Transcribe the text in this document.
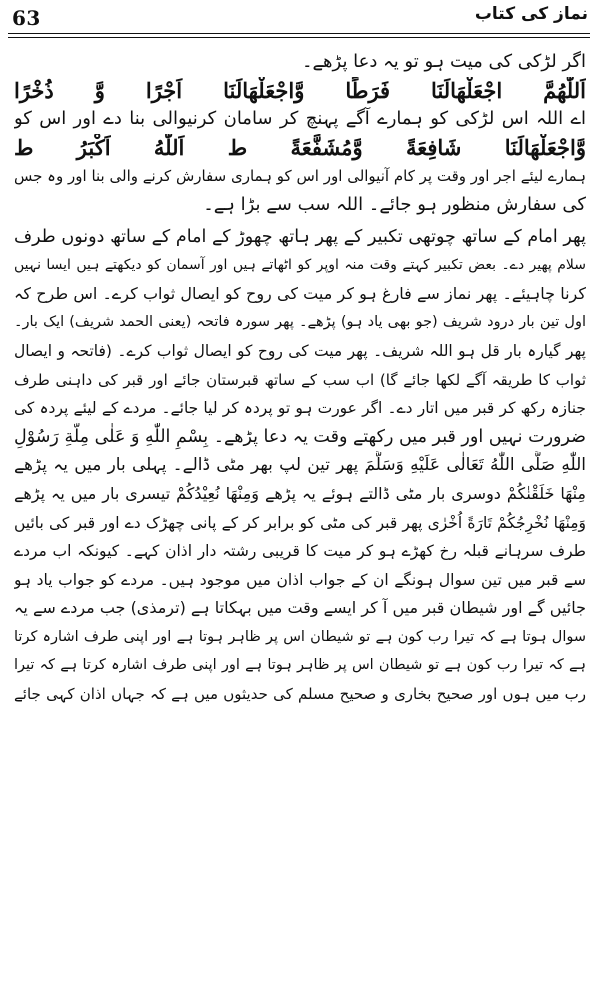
63	نماز کی کتاب
اگر لڑکی کی میت ہو تو یہ دعا پڑھے۔
اَللّٰهُمَّ اجْعَلْهَالَنَا فَرَطًا وَّاجْعَلْهَالَنَا اَجْرًا وَّ ذُخْرًا
اے اللہ اس لڑکی کو ہمارے آگے پہنچ کر سامان کرنیوالی بنا دے اور اس کو
وَّاجْعَلْهَالَنَا شَافِعَةً وَّمُشَفَّعَةً ط اَللّٰهُ اَكْبَرُ ط
ہمارے لیئے اجر اور وقت پر کام آنیوالی اور اس کو ہماری سفارش کرنے والی بنا اور وہ جس
کی سفارش منظور ہو جائے۔ اللہ سب سے بڑا ہے۔
پھر امام کے ساتھ چوتھی تکبیر کے پھر ہاتھ چھوڑ کے امام کے ساتھ دونوں طرف
سلام پھیر دے۔ بعض تکبیر کہتے وقت منہ اوپر کو اٹھاتے ہیں اور آسمان کو دیکھتے ہیں ایسا نہیں
کرنا چاہیئے۔ پھر نماز سے فارغ ہو کر میت کی روح کو ایصال ثواب کرے۔ اس طرح کہ
اول تین بار درود شریف (جو بھی یاد ہو) پڑھے۔ پھر سورہ فاتحہ (یعنی الحمد شریف) ایک بار۔
پھر گیارہ بار قل ہو اللہ شریف۔ پھر میت کی روح کو ایصال ثواب کرے۔ (فاتحہ و ایصال
ثواب کا طریقہ آگے لکھا جائے گا) اب سب کے ساتھ قبرستان جائے اور قبر کی داہنی طرف
جنازہ رکھ کر قبر میں اتار دے۔ اگر عورت ہو تو پردہ کر لیا جائے۔ مردے کے لیئے پردہ کی
ضرورت نہیں اور قبر میں رکھتے وقت یہ دعا پڑھے۔ بِسْمِ اللّٰهِ وَ عَلٰى مِلَّةِ رَسُوْلِ
اللّٰهِ صَلَّى اللّٰهُ تَعَالٰى عَلَيْهِ وَسَلَّمَ پھر تین لپ بھر مٹی ڈالے۔ پہلی بار میں یہ پڑھے
مِنْهَا خَلَقْنٰكُمْ دوسری بار مٹی ڈالتے ہوئے یہ پڑھے وَمِنْهَا نُعِيْدُكُمْ تیسری بار میں یہ پڑھے
وَمِنْهَا نُخْرِجُكُمْ تَارَةً اُخْرٰى پھر قبر کی مٹی کو برابر کر کے پانی چھڑک دے اور قبر کی بائیں
طرف سرہانے قبلہ رخ کھڑے ہو کر میت کا قریبی رشتہ دار اذان کہے۔ کیونکہ اب مردے
سے قبر میں تین سوال ہونگے ان کے جواب اذان میں موجود ہیں۔ مردے کو جواب یاد ہو
جائیں گے اور شیطان قبر میں آ کر ایسے وقت میں بہکاتا ہے (ترمذی) جب مردے سے یہ
سوال ہوتا ہے کہ تیرا رب کون ہے تو شیطان اس پر ظاہر ہوتا ہے اور اپنی طرف اشارہ کرتا
ہے کہ تیرا رب کون ہے تو شیطان اس پر ظاہر ہوتا ہے اور اپنی طرف اشارہ کرتا ہے کہ تیرا
رب میں ہوں اور صحیح بخاری و صحیح مسلم کی حدیثوں میں ہے کہ جہاں اذان کہی جائے
